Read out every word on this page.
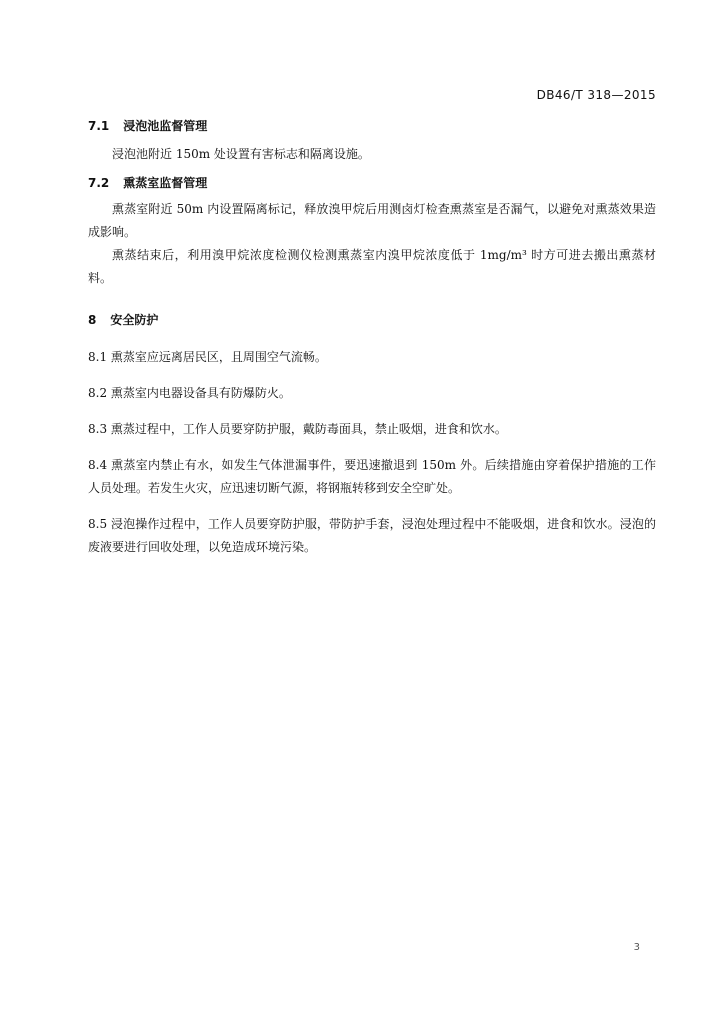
DB46/T 318—2015
7.1 浸泡池监督管理

浸泡池附近 150m 处设置有害标志和隔离设施。

7.2 熏蒸室监督管理

熏蒸室附近 50m 内设置隔离标记，释放溴甲烷后用测卤灯检查熏蒸室是否漏气，以避免对熏蒸效果造成影响。

熏蒸结束后，利用溴甲烷浓度检测仪检测熏蒸室内溴甲烷浓度低于 1mg/m³ 时方可进去搬出熏蒸材料。

8 安全防护

8.1 熏蒸室应远离居民区，且周围空气流畅。

8.2 熏蒸室内电器设备具有防爆防火。

8.3 熏蒸过程中，工作人员要穿防护服，戴防毒面具，禁止吸烟，进食和饮水。

8.4 熏蒸室内禁止有水，如发生气体泄漏事件，要迅速撤退到 150m 外。后续措施由穿着保护措施的工作人员处理。若发生火灾，应迅速切断气源，将钢瓶转移到安全空旷处。

8.5 浸泡操作过程中，工作人员要穿防护服，带防护手套，浸泡处理过程中不能吸烟，进食和饮水。浸泡的废液要进行回收处理，以免造成环境污染。

3
